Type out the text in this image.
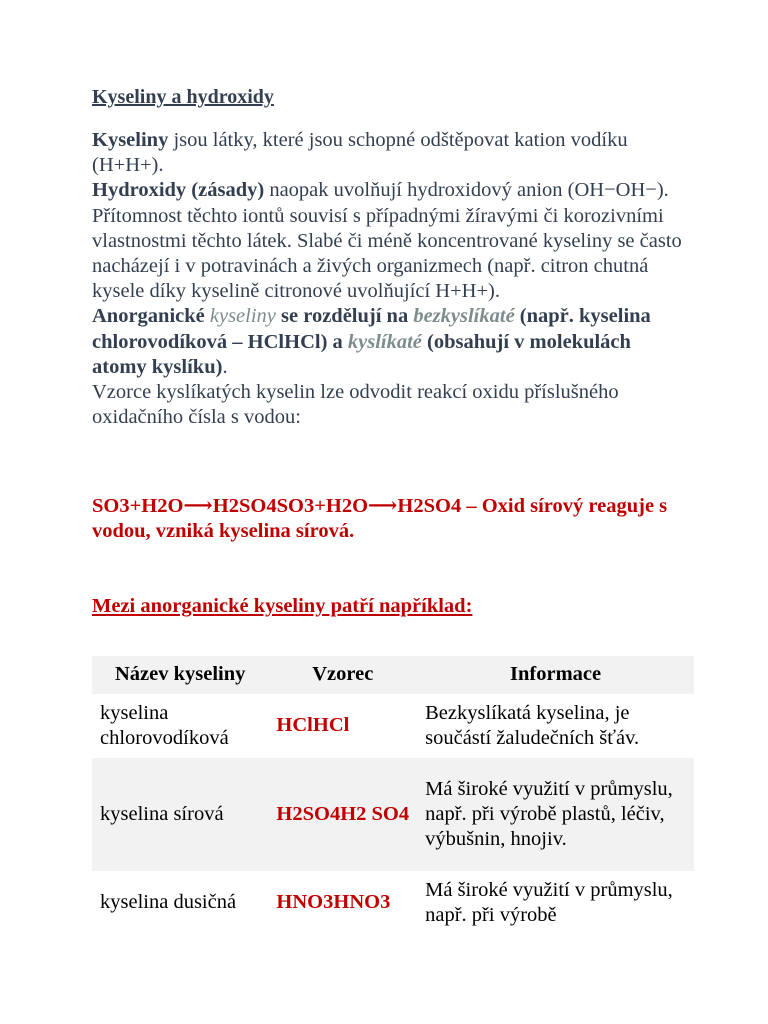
Kyseliny a hydroxidy

Kyseliny jsou látky, které jsou schopné odštěpovat kation vodíku (H+H+).

Hydroxidy (zásady) naopak uvolňují hydroxidový anion (OH−OH−). Přítomnost těchto iontů souvisí s případnými žíravými či korozivními vlastnostmi těchto látek. Slabé či méně koncentrované kyseliny se často nacházejí i v potravinách a živých organizmech (např. citron chutná kysele díky kyselině citronové uvolňující H+H+).

Anorganické kyseliny se rozdělují na bezkyslíkaté (např. kyselina chlorovodíková – HClHCl) a kyslíkaté (obsahují v molekulách atomy kyslíku).

Vzorce kyslíkatých kyselin lze odvodit reakcí oxidu příslušného oxidačního čísla s vodou:

SO3+H2O⟶H2SO4SO3+H2O⟶H2SO4 – Oxid sírový reaguje s vodou, vzniká kyselina sírová.

Mezi anorganické kyseliny patří například:
Název kyseliny	Vzorec	Informace
kyselina chlorovodíková	HClHCl	Bezkyslíkatá kyselina, je součástí žaludečních šťáv.
kyselina sírová	H2SO4H2 SO4	Má široké využití v průmyslu, např. při výrobě plastů, léčiv, výbušnin, hnojiv.
kyselina dusičná	HNO3HNO3	Má široké využití v průmyslu, např. při výrobě
